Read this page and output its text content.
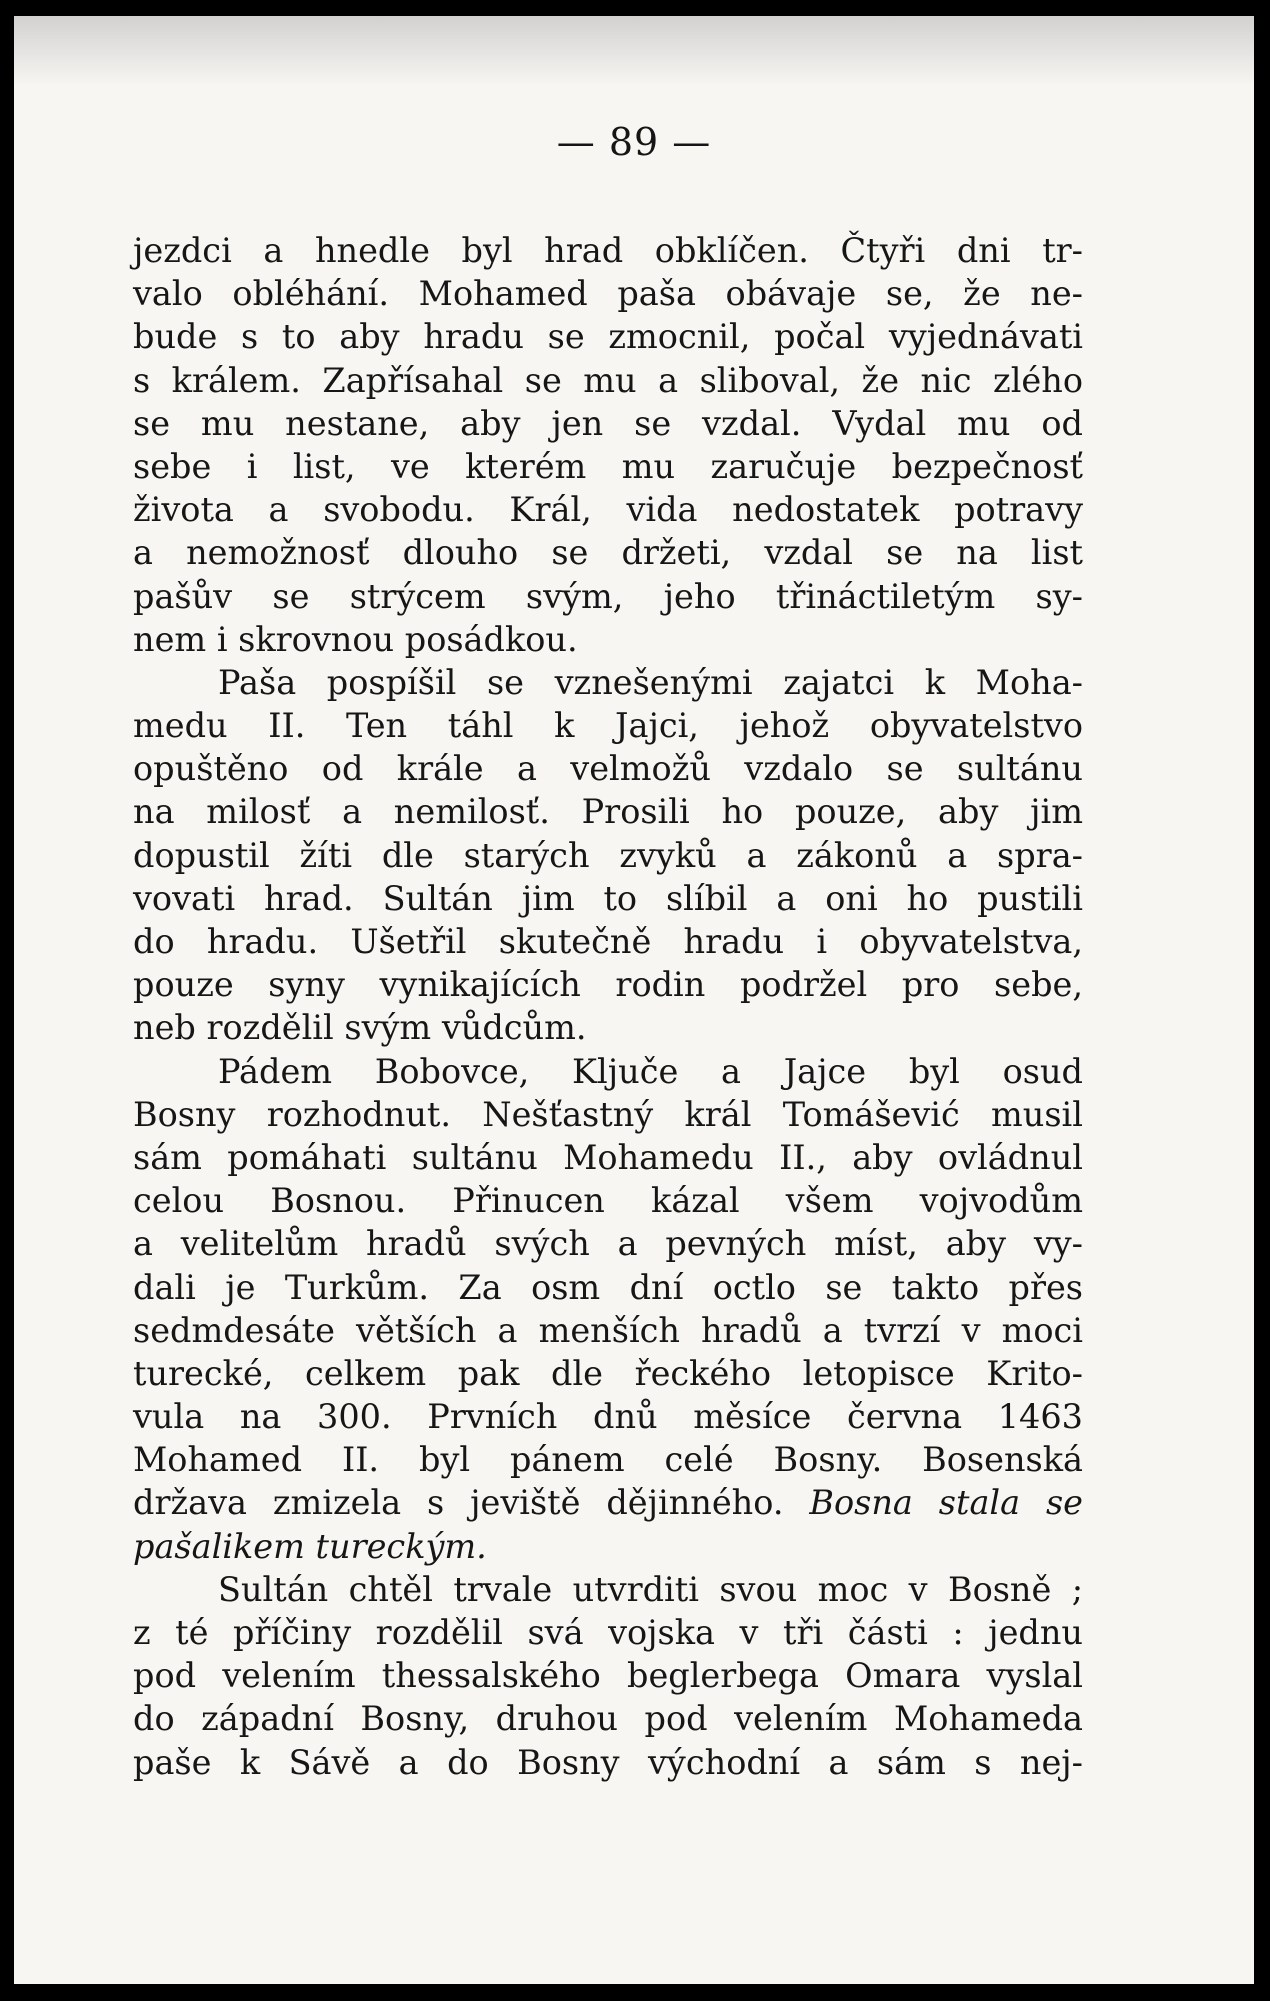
— 89 —
jezdci a hnedle byl hrad obklíčen. Čtyři dni tr-
valo obléhání. Mohamed paša obávaje se, že ne-
bude s to aby hradu se zmocnil, počal vyjednávati
s králem. Zapřísahal se mu a sliboval, že nic zlého
se mu nestane, aby jen se vzdal. Vydal mu od
sebe i list, ve kterém mu zaručuje bezpečnosť
života a svobodu. Král, vida nedostatek potravy
a nemožnosť dlouho se držeti, vzdal se na list
pašův se strýcem svým, jeho třináctiletým sy-
nem i skrovnou posádkou.
Paša pospíšil se vznešenými zajatci k Moha-
medu II. Ten táhl k Jajci, jehož obyvatelstvo
opuštěno od krále a velmožů vzdalo se sultánu
na milosť a nemilosť. Prosili ho pouze, aby jim
dopustil žíti dle starých zvyků a zákonů a spra-
vovati hrad. Sultán jim to slíbil a oni ho pustili
do hradu. Ušetřil skutečně hradu i obyvatelstva,
pouze syny vynikajících rodin podržel pro sebe,
neb rozdělil svým vůdcům.
Pádem Bobovce, Ključe a Jajce byl osud
Bosny rozhodnut. Nešťastný král Tomášević musil
sám pomáhati sultánu Mohamedu II., aby ovládnul
celou Bosnou. Přinucen kázal všem vojvodům
a velitelům hradů svých a pevných míst, aby vy-
dali je Turkům. Za osm dní octlo se takto přes
sedmdesáte větších a menších hradů a tvrzí v moci
turecké, celkem pak dle řeckého letopisce Krito-
vula na 300. Prvních dnů měsíce června 1463
Mohamed II. byl pánem celé Bosny. Bosenská
država zmizela s jeviště dějinného. Bosna stala se
pašalikem tureckým.
Sultán chtěl trvale utvrditi svou moc v Bosně ;
z té příčiny rozdělil svá vojska v tři části : jednu
pod velením thessalského beglerbega Omara vyslal
do západní Bosny, druhou pod velením Mohameda
paše k Sávě a do Bosny východní a sám s nej-
